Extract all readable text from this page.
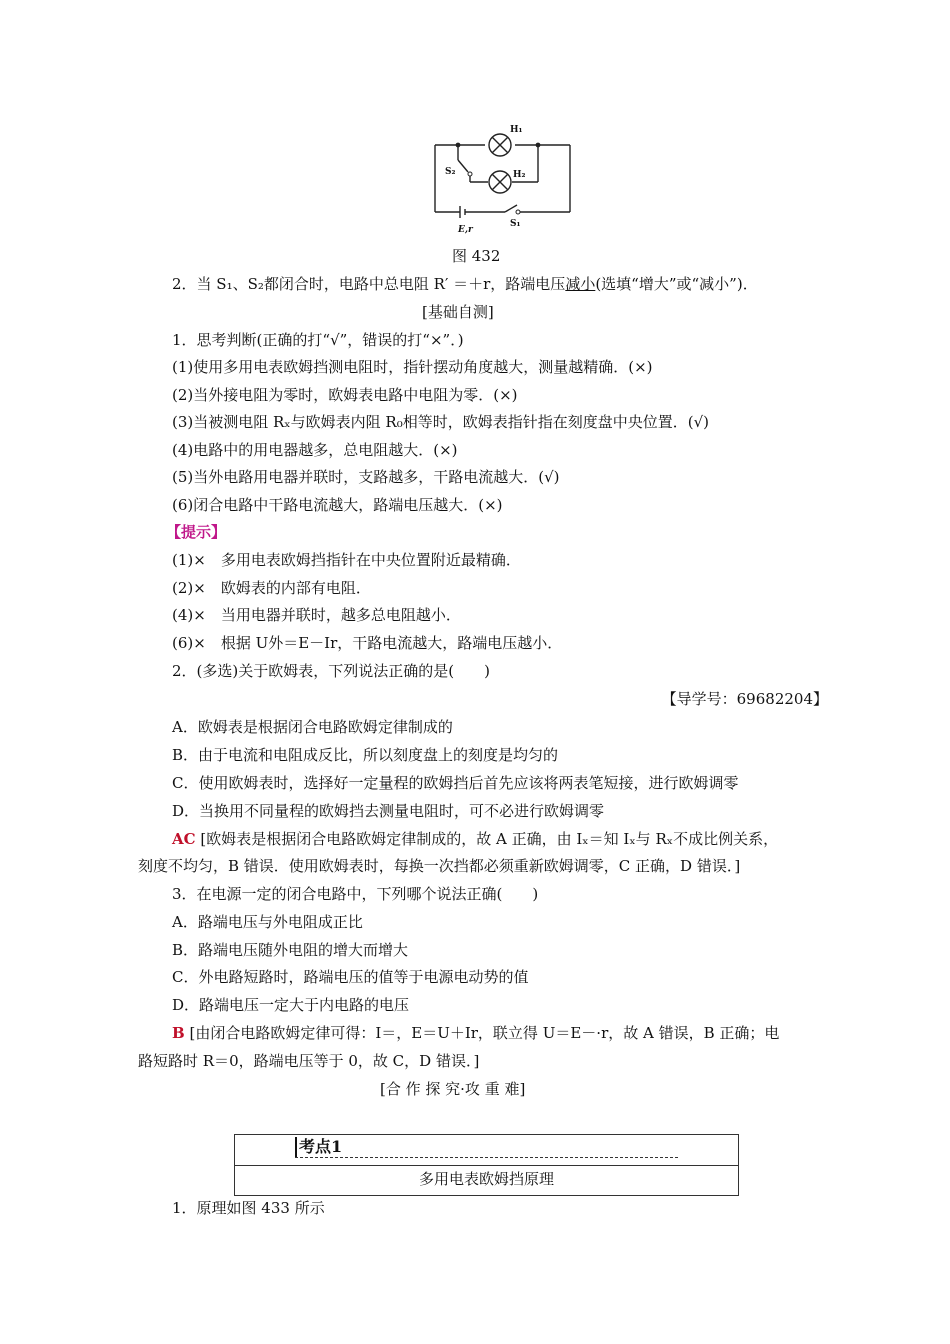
H₁
H₂
S₂
S₁
E,r
图 432
2．当 S₁、S₂都闭合时，电路中总电阻 R′ ＝＋r，路端电压减小(选填“增大”或“减小”)．
[基础自测]
1．思考判断(正确的打“√”，错误的打“×”．)
(1)使用多用电表欧姆挡测电阻时，指针摆动角度越大，测量越精确．(×)
(2)当外接电阻为零时，欧姆表电路中电阻为零．(×)
(3)当被测电阻 Rₓ与欧姆表内阻 R₀相等时，欧姆表指针指在刻度盘中央位置．(√)
(4)电路中的用电器越多，总电阻越大．(×)
(5)当外电路用电器并联时，支路越多，干路电流越大．(√)
(6)闭合电路中干路电流越大，路端电压越大．(×)
【提示】
(1)×　多用电表欧姆挡指针在中央位置附近最精确．
(2)×　欧姆表的内部有电阻．
(4)×　当用电器并联时，越多总电阻越小．
(6)×　根据 U外＝E－Ir，干路电流越大，路端电压越小．
2．(多选)关于欧姆表，下列说法正确的是(　　)
【导学号：69682204】
A．欧姆表是根据闭合电路欧姆定律制成的
B．由于电流和电阻成反比，所以刻度盘上的刻度是均匀的
C．使用欧姆表时，选择好一定量程的欧姆挡后首先应该将两表笔短接，进行欧姆调零
D．当换用不同量程的欧姆挡去测量电阻时，可不必进行欧姆调零
AC [欧姆表是根据闭合电路欧姆定律制成的，故 A 正确，由 Iₓ＝知 Iₓ与 Rₓ不成比例关系，
刻度不均匀，B 错误．使用欧姆表时，每换一次挡都必须重新欧姆调零，C 正确，D 错误．]
3．在电源一定的闭合电路中，下列哪个说法正确(　　)
A．路端电压与外电阻成正比
B．路端电压随外电阻的增大而增大
C．外电路短路时，路端电压的值等于电源电动势的值
D．路端电压一定大于内电路的电压
B [由闭合电路欧姆定律可得：I＝，E＝U＋Ir，联立得 U＝E－·r，故 A 错误，B 正确；电
路短路时 R＝0，路端电压等于 0，故 C，D 错误．]
[合 作 探 究·攻 重 难]
考点1
多用电表欧姆挡原理
1．原理如图 433 所示
